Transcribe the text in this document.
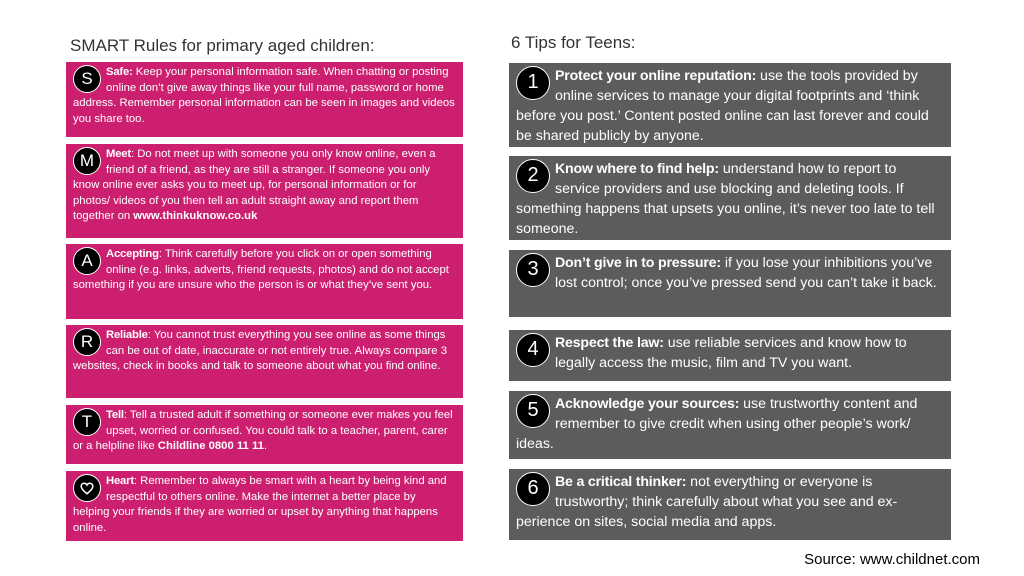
SMART Rules for primary aged children:	6 Tips for Teens:
S	Safe: Keep your personal information safe. When chatting or posting online don’t give away things like your full name, password or home address. Remember personal information can be seen in images and videos you share too.
M	Meet: Do not meet up with someone you only know online, even a friend of a friend, as they are still a stranger. If someone you only know online ever asks you to meet up, for personal information or for photos/ videos of you then tell an adult straight away and report them together on www.thinkuknow.co.uk
A	Accepting: Think carefully before you click on or open something online (e.g. links, adverts, friend requests, photos) and do not accept something if you are unsure who the person is or what they’ve sent you.
R	Reliable: You cannot trust everything you see online as some things can be out of date, inaccurate or not entirely true. Always compare 3 websites, check in books and talk to someone about what you find online.
T	Tell: Tell a trusted adult if something or someone ever makes you feel upset, worried or confused. You could talk to a teacher, parent, carer or a helpline like Childline 0800 11 11.
Heart: Remember to always be smart with a heart by being kind and respectful to others online. Make the internet a better place by helping your friends if they are worried or upset by anything that happens online.
1	Protect your online reputation: use the tools provided by online services to manage your digital footprints and ‘think before you post.’ Content posted online can last forever and could be shared publicly by anyone.
2	Know where to find help: understand how to report to service providers and use blocking and deleting tools. If something happens that upsets you online, it’s never too late to tell someone.
3	Don’t give in to pressure: if you lose your inhibitions you’ve lost control; once you’ve pressed send you can’t take it back.
4	Respect the law: use reliable services and know how to legally access the music, film and TV you want.
5	Acknowledge your sources: use trustworthy content and remember to give credit when using other people’s work/ ideas.
6	Be a critical thinker: not everything or everyone is trustworthy; think carefully about what you see and ex-perience on sites, social media and apps.
Source: www.childnet.com
